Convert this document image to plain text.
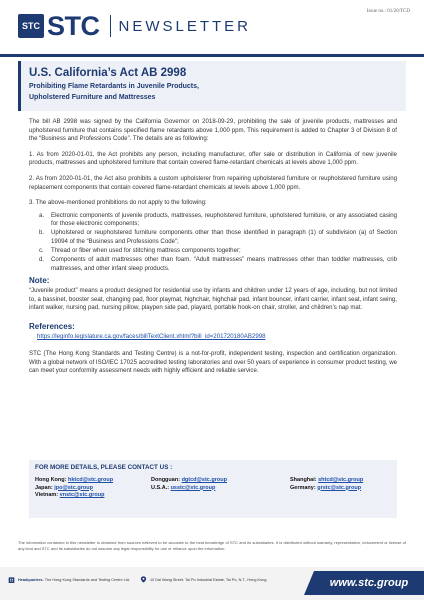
STC STC NEWSLETTER
Issue no.: 01/20/TCD
U.S. California’s Act AB 2998
Prohibiting Flame Retardants in Juvenile Products,
Upholstered Furniture and Mattresses

The bill AB 2998 was signed by the California Governor on 2018-09-29, prohibiting the sale of juvenile products, mattresses and upholstered furniture that contains specified flame retardants above 1,000 ppm. This requirement is added to Chapter 3 of Division 8 of the “Business and Professions Code”. The details are as following:

1. As from 2020-01-01, the Act prohibits any person, including manufacturer, offer sale or distribution in California of new juvenile products, mattresses and upholstered furniture that contain covered flame-retardant chemicals at levels above 1,000 ppm.

2. As from 2020-01-01, the Act also prohibits a custom upholsterer from repairing upholstered furniture or reupholstered furniture using replacement components that contain covered flame-retardant chemicals at levels above 1,000 ppm.

3. The above-mentioned prohibitions do not apply to the following:

a.	Electronic components of juvenile products, mattresses, reupholstered furniture, upholstered furniture, or any associated casing for those electronic components;
b.	Upholstered or reupholstered furniture components other than those identified in paragraph (1) of subdivision (a) of Section 19094 of the “Business and Professions Code”;
c.	Thread or fiber when used for stitching mattress components together;
d.	Components of adult mattresses other than foam. “Adult mattresses” means mattresses other than toddler mattresses, crib mattresses, and other infant sleep products.
Note:

“Juvenile product” means a product designed for residential use by infants and children under 12 years of age, including, but not limited to, a bassinet, booster seat, changing pad, floor playmat, highchair, highchair pad, infant bouncer, infant carrier, infant seat, infant swing, infant walker, nursing pad, nursing pillow, playpen side pad, playard, portable hook-on chair, stroller, and children’s nap mat.

References:
https://leginfo.legislature.ca.gov/faces/billTextClient.xhtml?bill_id=201720180AB2998

STC (The Hong Kong Standards and Testing Centre) is a not-for-profit, independent testing, inspection and certification organization. With a global network of ISO/IEC 17025 accredited testing laboratories and over 50 years of experience in consumer product testing, we can meet your conformity assessment needs with highly efficient and reliable service.

FOR MORE DETAILS, PLEASE CONTACT US :
Hong Kong: hktcd@stc.group
Japan: jpo@stc.group
Vietnam: vnstc@stc.group
Dongguan: dgtcd@stc.group
U.S.A.: usstc@stc.group
Shanghai: shtcd@stc.group
Germany: grstc@stc.group
The information contained in this newsletter is obtained from sources believed to be accurate to the best knowledge of STC and its subsidiaries. It is distributed without warranty, representation, inducement or license of any kind and STC and its subsidiaries do not assume any legal responsibility for use or reliance upon the information.
Headquarters - The Hong Kong Standards and Testing Centre Ltd.	10 Dai Wang Street, Tai Po Industrial Estate, Tai Po, N.T., Hong Kong	www.stc.group
